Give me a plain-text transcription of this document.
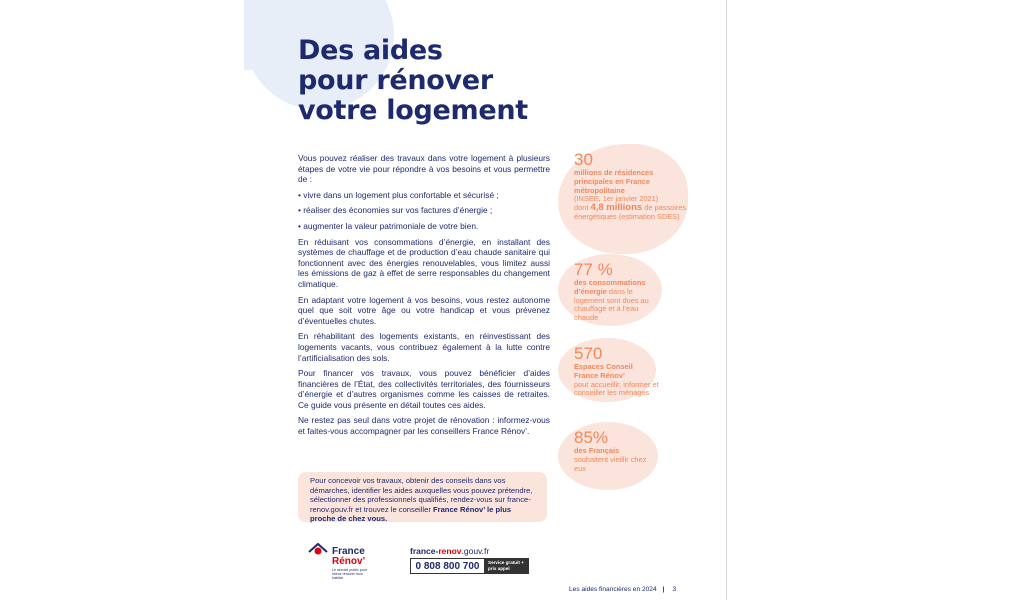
Des aides
pour rénover
votre logement

Vous pouvez réaliser des travaux dans votre logement à plusieurs étapes de votre vie pour répondre à vos besoins et vous permettre de :

• vivre dans un logement plus confortable et sécurisé ;
• réaliser des économies sur vos factures d’énergie ;
• augmenter la valeur patrimoniale de votre bien.

En réduisant vos consommations d’énergie, en installant des systèmes de chauffage et de production d’eau chaude sanitaire qui fonctionnent avec des énergies renouvelables, vous limitez aussi les émissions de gaz à effet de serre responsables du changement climatique.

En adaptant votre logement à vos besoins, vous restez autonome quel que soit votre âge ou votre handicap et vous prévenez d’éventuelles chutes.

En réhabilitant des logements existants, en réinvestissant des logements vacants, vous contribuez également à la lutte contre l’artificialisation des sols.

Pour financer vos travaux, vous pouvez bénéficier d’aides financières de l’État, des collectivités territoriales, des fournisseurs d’énergie et d’autres organismes comme les caisses de retraites. Ce guide vous présente en détail toutes ces aides.

Ne restez pas seul dans votre projet de rénovation : informez-vous et faites-vous accompagner par les conseillers France Rénov’.

Pour concevoir vos travaux, obtenir des conseils dans vos démarches, identifier les aides auxquelles vous pouvez prétendre, sélectionner des professionnels qualifiés, rendez-vous sur france-renov.gouv.fr et trouvez le conseiller France Rénov’ le plus proche de chez vous.
30
millions de résidences principales en France métropolitaine
(INSEE, 1er janvier 2021)
dont 4,8 millions de passoires énergétiques (estimation SDES)
77 %
des consommations d’énergie dans le logement sont dues au chauffage et à l’eau chaude
570
Espaces Conseil France Rénov’
pour accueillir, informer et conseiller les ménages
85%
des Français souhaitent vieillir chez eux
France
Rénov’
Le service public pour mieux rénover mon habitat
france-renov.gouv.fr
0 808 800 700	Service gratuit + prix appel
Les aides financières en 2024 | 3
